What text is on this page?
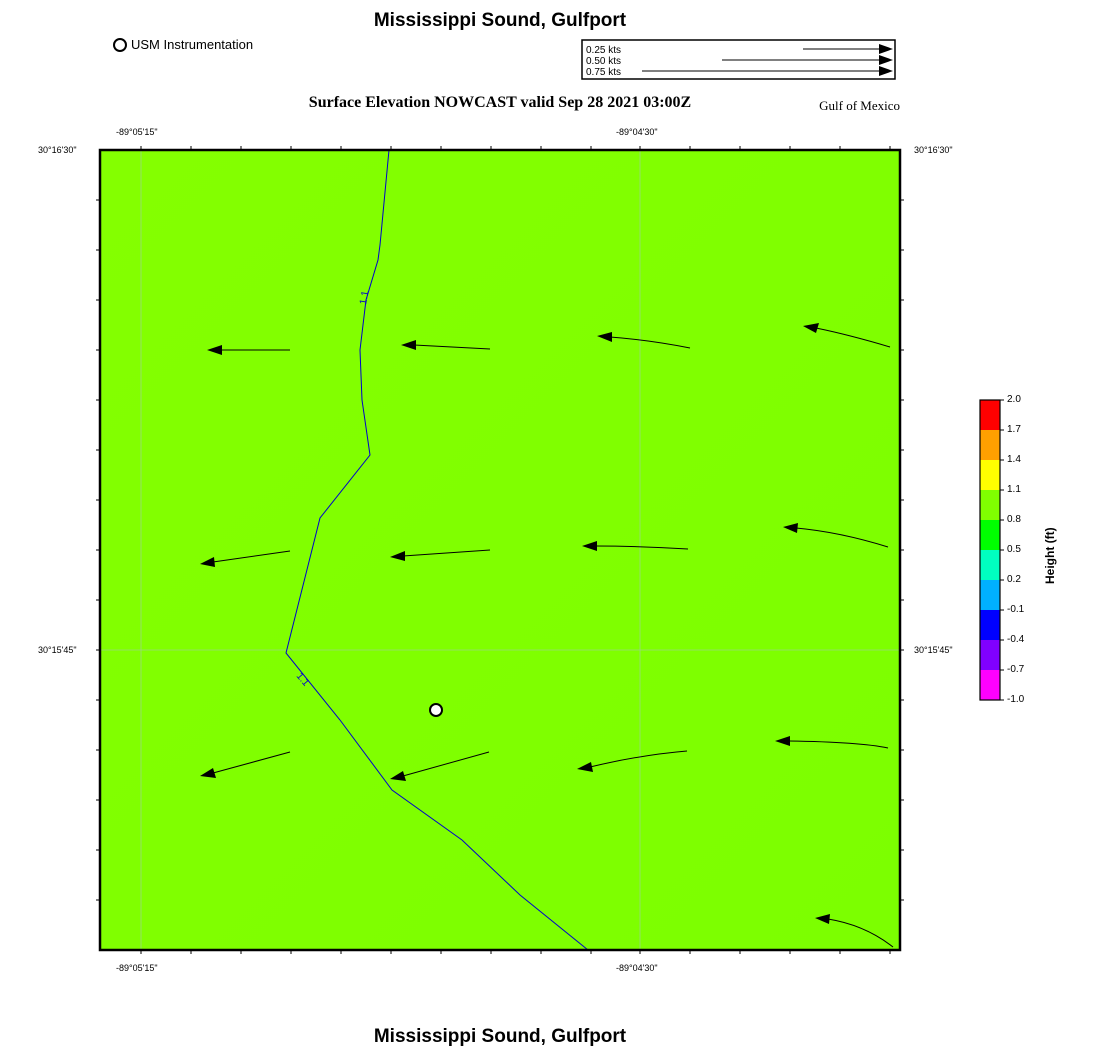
Mississippi Sound, Gulfport
USM Instrumentation
Surface Elevation NOWCAST valid Sep 28 2021 03:00Z	Gulf of Mexico
0.25 kts
0.50 kts
0.75 kts
1.1
1.1
-89°05'15"	-89°04'30"
-89°05'15"	-89°04'30"
30°16'30"
30°15'45"
30°16'30"
30°15'45"
2.0
1.7
1.4
1.1
0.8
0.5
0.2
-0.1
-0.4
-0.7
-1.0
Height (ft)
Mississippi Sound, Gulfport
